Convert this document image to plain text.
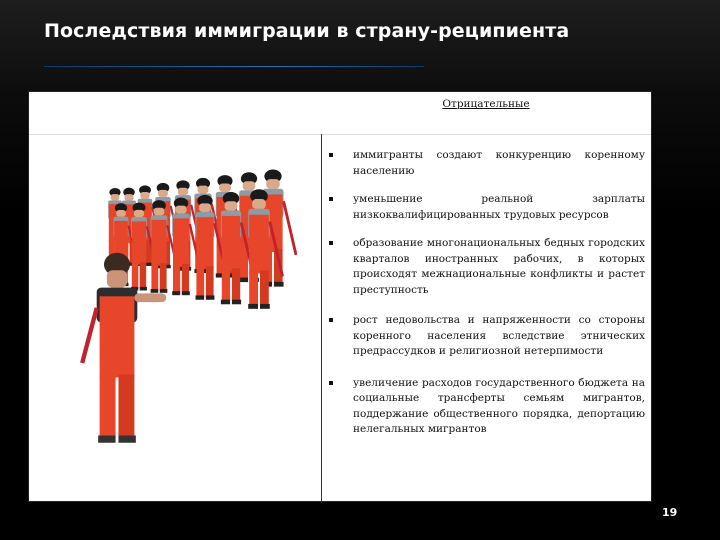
Последствия иммиграции в страну-реципиента
Отрицательные
иммигранты создают конкуренцию коренному населению
уменьшение реальной зарплаты низкоквалифицированных трудовых ресурсов
образование многонациональных бедных городских кварталов иностранных рабочих, в которых происходят межнациональные конфликты и растет преступность
рост недовольства и напряженности со стороны коренного населения вследствие этнических предрассудков и религиозной нетерпимости
увеличение расходов государственного бюджета на социальные трансферты семьям мигрантов, поддержание общественного порядка, депортацию нелегальных мигрантов
19
